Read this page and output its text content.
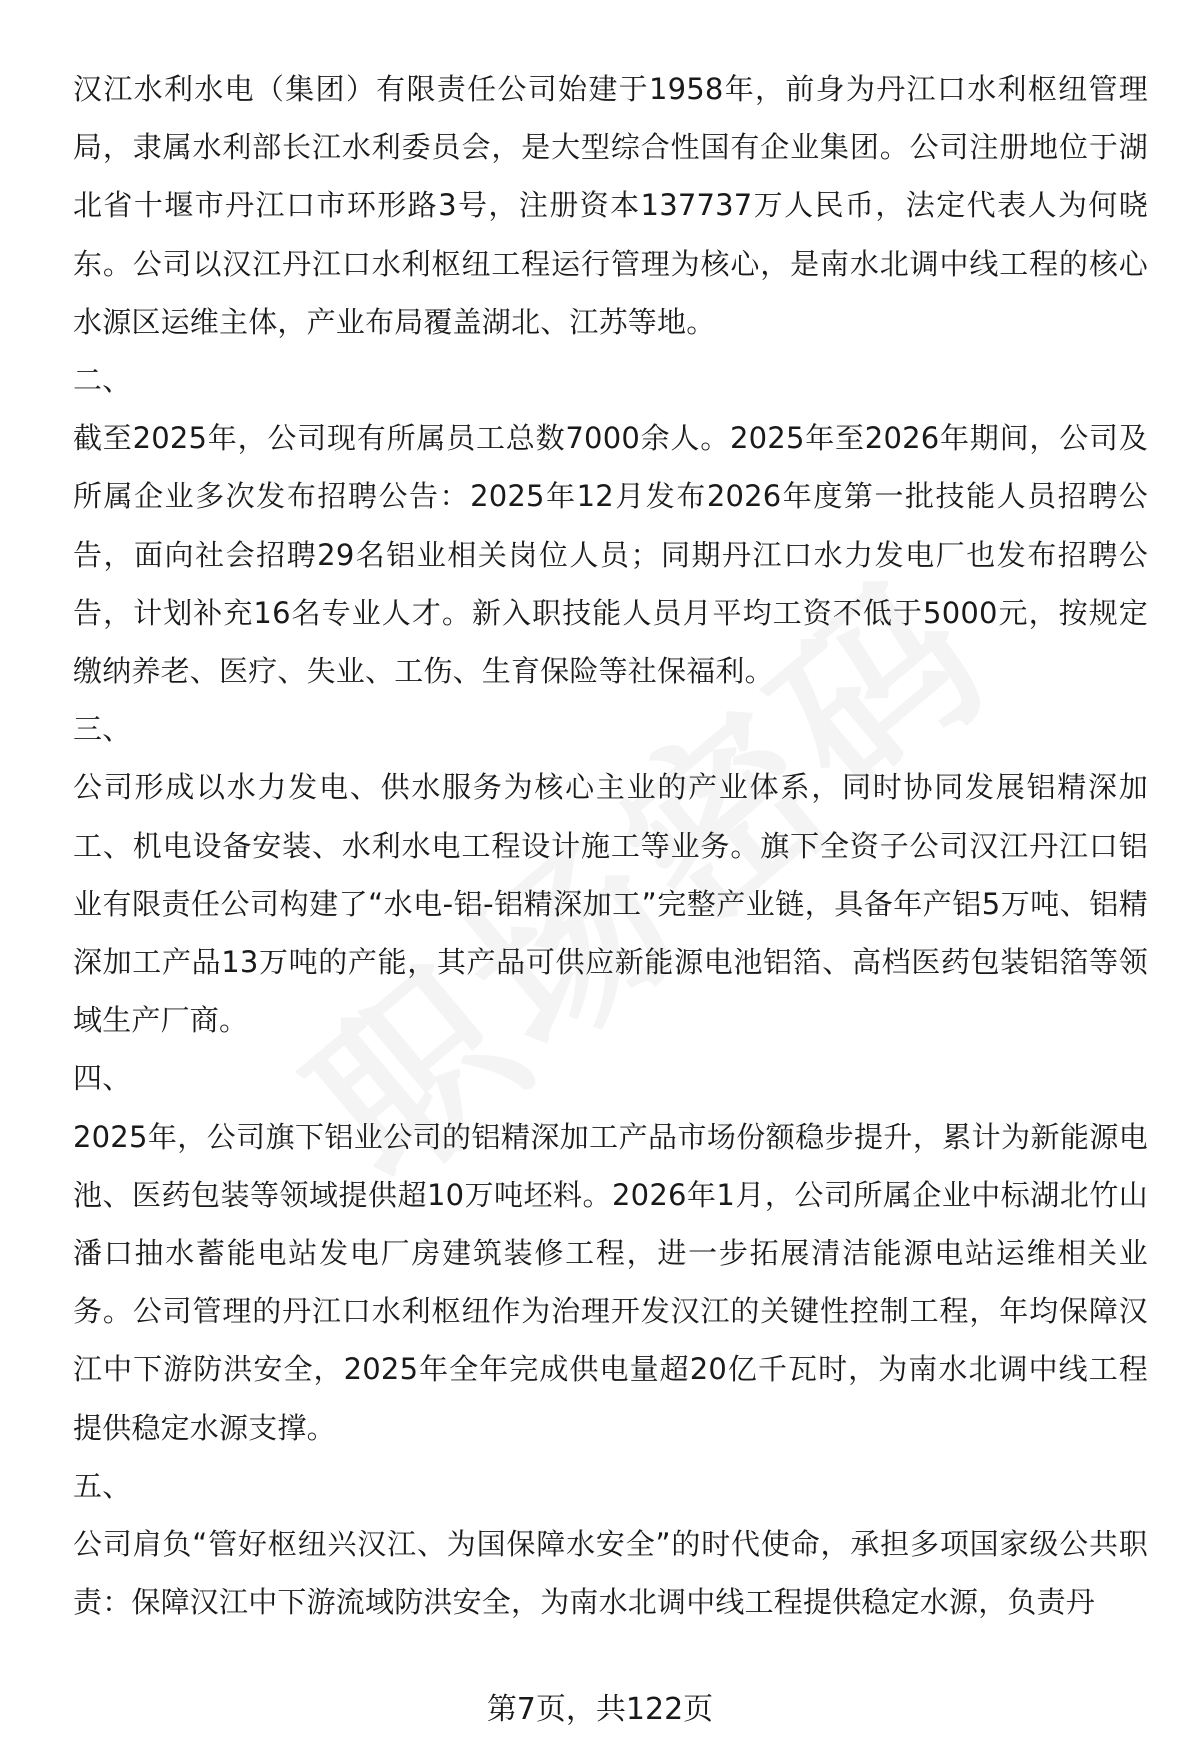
汉江水利水电（集团）有限责任公司始建于1958年，前身为丹江口水利枢纽管理局，隶属水利部长江水利委员会，是大型综合性国有企业集团。公司注册地位于湖北省十堰市丹江口市环形路3号，注册资本137737万人民币，法定代表人为何晓东。公司以汉江丹江口水利枢纽工程运行管理为核心，是南水北调中线工程的核心水源区运维主体，产业布局覆盖湖北、江苏等地。

二、

截至2025年，公司现有所属员工总数7000余人。2025年至2026年期间，公司及所属企业多次发布招聘公告：2025年12月发布2026年度第一批技能人员招聘公告，面向社会招聘29名铝业相关岗位人员；同期丹江口水力发电厂也发布招聘公告，计划补充16名专业人才。新入职技能人员月平均工资不低于5000元，按规定缴纳养老、医疗、失业、工伤、生育保险等社保福利。

三、

公司形成以水力发电、供水服务为核心主业的产业体系，同时协同发展铝精深加工、机电设备安装、水利水电工程设计施工等业务。旗下全资子公司汉江丹江口铝业有限责任公司构建了“水电-铝-铝精深加工”完整产业链，具备年产铝5万吨、铝精深加工产品13万吨的产能，其产品可供应新能源电池铝箔、高档医药包装铝箔等领域生产厂商。

四、

2025年，公司旗下铝业公司的铝精深加工产品市场份额稳步提升，累计为新能源电池、医药包装等领域提供超10万吨坯料。2026年1月，公司所属企业中标湖北竹山潘口抽水蓄能电站发电厂房建筑装修工程，进一步拓展清洁能源电站运维相关业务。公司管理的丹江口水利枢纽作为治理开发汉江的关键性控制工程，年均保障汉江中下游防洪安全，2025年全年完成供电量超20亿千瓦时，为南水北调中线工程提供稳定水源支撑。

五、

公司肩负“管好枢纽兴汉江、为国保障水安全”的时代使命，承担多项国家级公共职责：保障汉江中下游流域防洪安全，为南水北调中线工程提供稳定水源，负责丹

第7页，共122页
